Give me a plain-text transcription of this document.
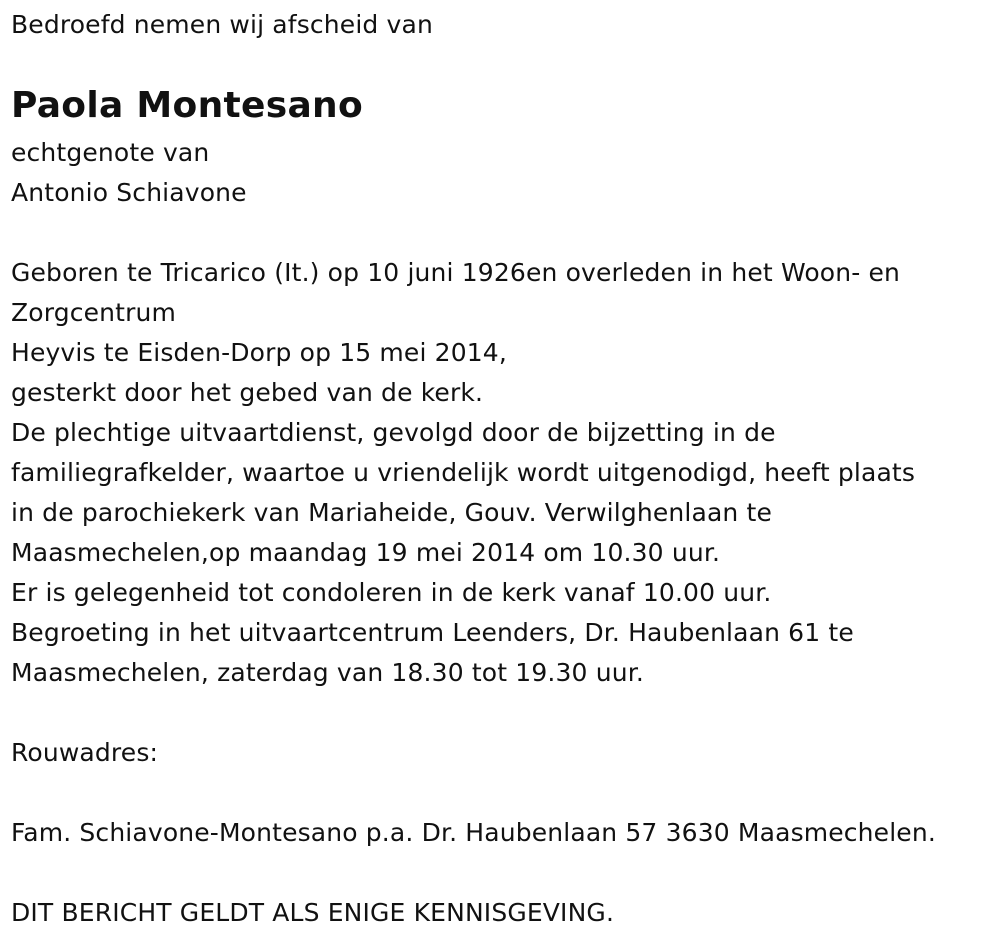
Bedroefd nemen wij afscheid van
Paola Montesano
echtgenote van
Antonio Schiavone
Geboren te Tricarico (It.) op 10 juni 1926en overleden in het Woon- en
Zorgcentrum
Heyvis te Eisden-Dorp op 15 mei 2014,
gesterkt door het gebed van de kerk.
De plechtige uitvaartdienst, gevolgd door de bijzetting in de
familiegrafkelder, waartoe u vriendelijk wordt uitgenodigd, heeft plaats
in de parochiekerk van Mariaheide, Gouv. Verwilghenlaan te
Maasmechelen,op maandag 19 mei 2014 om 10.30 uur.
Er is gelegenheid tot condoleren in de kerk vanaf 10.00 uur.
Begroeting in het uitvaartcentrum Leenders, Dr. Haubenlaan 61 te
Maasmechelen, zaterdag van 18.30 tot 19.30 uur.
Rouwadres:
Fam. Schiavone-Montesano p.a. Dr. Haubenlaan 57 3630 Maasmechelen.
DIT BERICHT GELDT ALS ENIGE KENNISGEVING.
